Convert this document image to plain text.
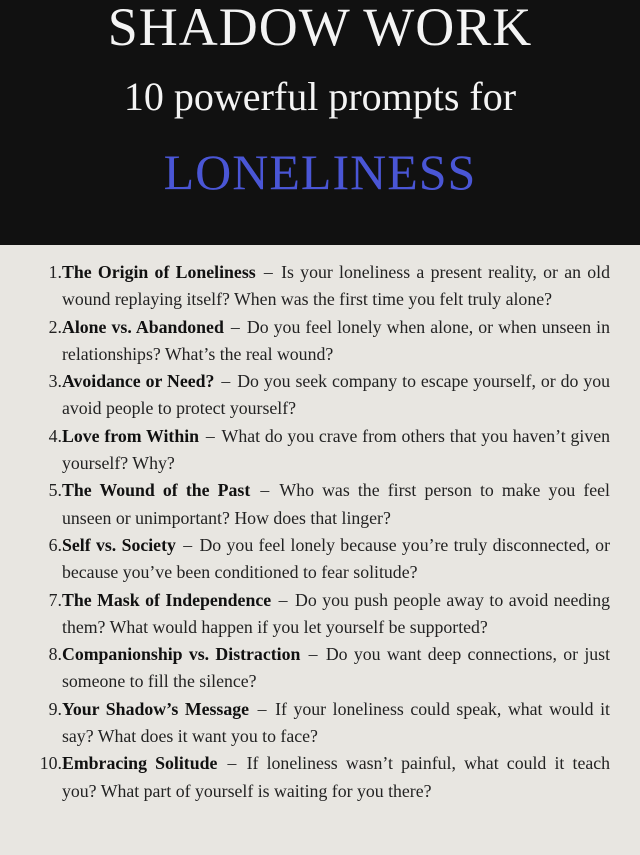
SHADOW WORK
10 powerful prompts for
LONELINESS
1. The Origin of Loneliness – Is your loneliness a present reality, or an old wound replaying itself? When was the first time you felt truly alone?
2. Alone vs. Abandoned – Do you feel lonely when alone, or when unseen in relationships? What’s the real wound?
3. Avoidance or Need? – Do you seek company to escape yourself, or do you avoid people to protect yourself?
4. Love from Within – What do you crave from others that you haven’t given yourself? Why?
5. The Wound of the Past – Who was the first person to make you feel unseen or unimportant? How does that linger?
6. Self vs. Society – Do you feel lonely because you’re truly disconnected, or because you’ve been conditioned to fear solitude?
7. The Mask of Independence – Do you push people away to avoid needing them? What would happen if you let yourself be supported?
8. Companionship vs. Distraction – Do you want deep connections, or just someone to fill the silence?
9. Your Shadow’s Message – If your loneliness could speak, what would it say? What does it want you to face?
10. Embracing Solitude – If loneliness wasn’t painful, what could it teach you? What part of yourself is waiting for you there?
